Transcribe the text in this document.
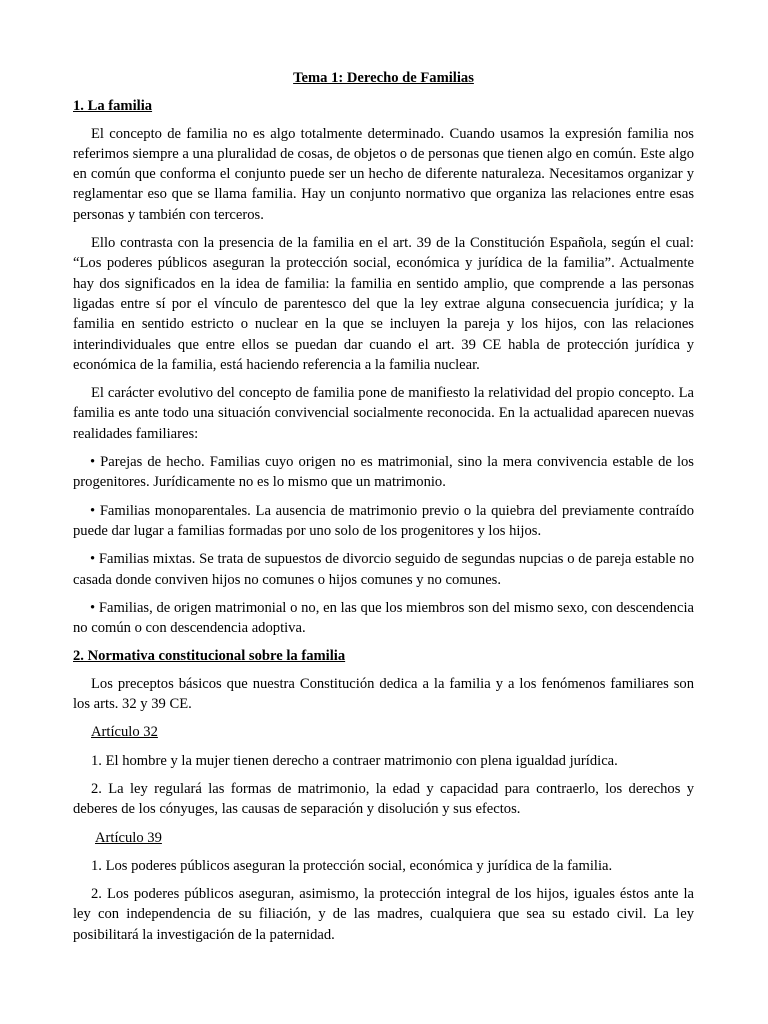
Tema 1: Derecho de Familias
1. La familia

El concepto de familia no es algo totalmente determinado. Cuando usamos la expresión familia nos referimos siempre a una pluralidad de cosas, de objetos o de personas que tienen algo en común. Este algo en común que conforma el conjunto puede ser un hecho de diferente naturaleza. Necesitamos organizar y reglamentar eso que se llama familia. Hay un conjunto normativo que organiza las relaciones entre esas personas y también con terceros.

Ello contrasta con la presencia de la familia en el art. 39 de la Constitución Española, según el cual: “Los poderes públicos aseguran la protección social, económica y jurídica de la familia”. Actualmente hay dos significados en la idea de familia: la familia en sentido amplio, que comprende a las personas ligadas entre sí por el vínculo de parentesco del que la ley extrae alguna consecuencia jurídica; y la familia en sentido estricto o nuclear en la que se incluyen la pareja y los hijos, con las relaciones interindividuales que entre ellos se puedan dar cuando el art. 39 CE habla de protección jurídica y económica de la familia, está haciendo referencia a la familia nuclear.

El carácter evolutivo del concepto de familia pone de manifiesto la relatividad del propio concepto. La familia es ante todo una situación convivencial socialmente reconocida. En la actualidad aparecen nuevas realidades familiares:

• Parejas de hecho. Familias cuyo origen no es matrimonial, sino la mera convivencia estable de los progenitores. Jurídicamente no es lo mismo que un matrimonio.

• Familias monoparentales. La ausencia de matrimonio previo o la quiebra del previamente contraído puede dar lugar a familias formadas por uno solo de los progenitores y los hijos.

• Familias mixtas. Se trata de supuestos de divorcio seguido de segundas nupcias o de pareja estable no casada donde conviven hijos no comunes o hijos comunes y no comunes.

• Familias, de origen matrimonial o no, en las que los miembros son del mismo sexo, con descendencia no común o con descendencia adoptiva.

2. Normativa constitucional sobre la familia

Los preceptos básicos que nuestra Constitución dedica a la familia y a los fenómenos familiares son los arts. 32 y 39 CE.

Artículo 32

1. El hombre y la mujer tienen derecho a contraer matrimonio con plena igualdad jurídica.

2. La ley regulará las formas de matrimonio, la edad y capacidad para contraerlo, los derechos y deberes de los cónyuges, las causas de separación y disolución y sus efectos.

Artículo 39

1. Los poderes públicos aseguran la protección social, económica y jurídica de la familia.

2. Los poderes públicos aseguran, asimismo, la protección integral de los hijos, iguales éstos ante la ley con independencia de su filiación, y de las madres, cualquiera que sea su estado civil. La ley posibilitará la investigación de la paternidad.
